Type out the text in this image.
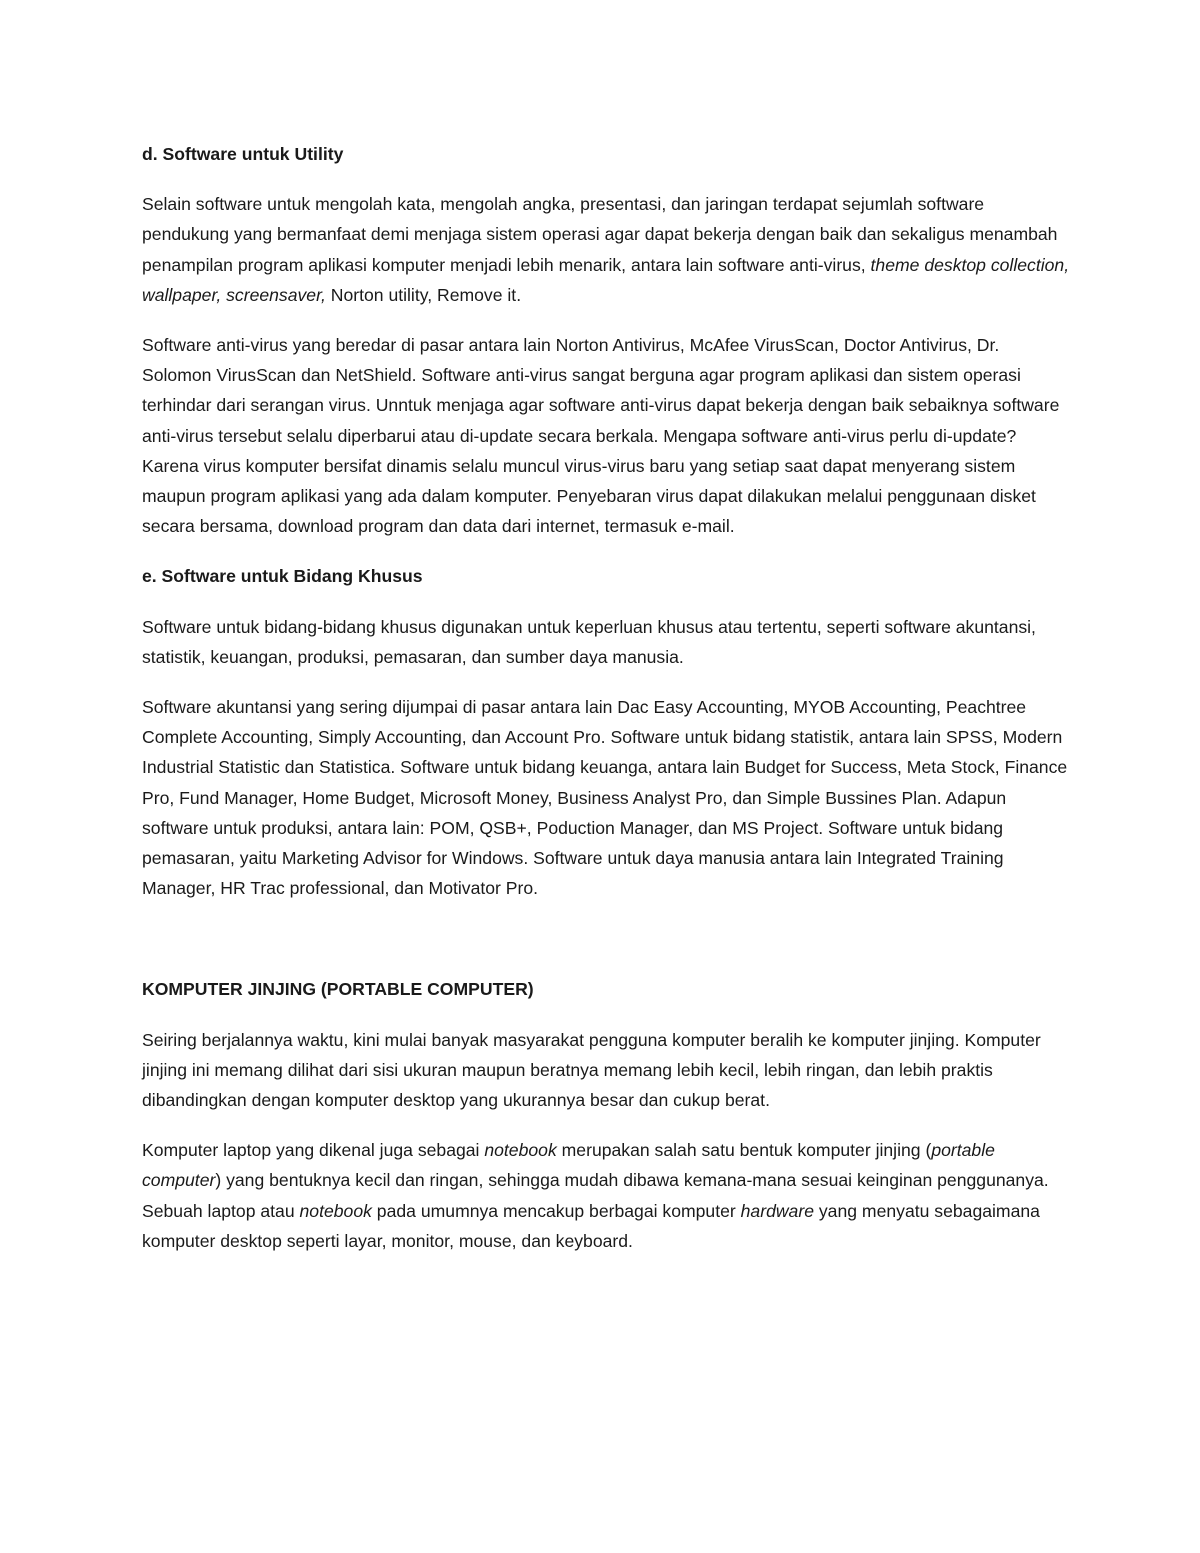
d. Software untuk Utility

Selain software untuk mengolah kata, mengolah angka, presentasi, dan jaringan terdapat sejumlah software pendukung yang bermanfaat demi menjaga sistem operasi agar dapat bekerja dengan baik dan sekaligus menambah penampilan program aplikasi komputer menjadi lebih menarik, antara lain software anti-virus, theme desktop collection, wallpaper, screensaver, Norton utility, Remove it.

Software anti-virus yang beredar di pasar antara lain Norton Antivirus, McAfee VirusScan, Doctor Antivirus, Dr. Solomon VirusScan dan NetShield. Software anti-virus sangat berguna agar program aplikasi dan sistem operasi terhindar dari serangan virus. Unntuk menjaga agar software anti-virus dapat bekerja dengan baik sebaiknya software anti-virus tersebut selalu diperbarui atau di-update secara berkala. Mengapa software anti-virus perlu di-update? Karena virus komputer bersifat dinamis selalu muncul virus-virus baru yang setiap saat dapat menyerang sistem maupun program aplikasi yang ada dalam komputer. Penyebaran virus dapat dilakukan melalui penggunaan disket secara bersama, download program dan data dari internet, termasuk e-mail.

e. Software untuk Bidang Khusus

Software untuk bidang-bidang khusus digunakan untuk keperluan khusus atau tertentu, seperti software akuntansi, statistik, keuangan, produksi, pemasaran, dan sumber daya manusia.

Software akuntansi yang sering dijumpai di pasar antara lain Dac Easy Accounting, MYOB Accounting, Peachtree Complete Accounting, Simply Accounting, dan Account Pro. Software untuk bidang statistik, antara lain SPSS, Modern Industrial Statistic dan Statistica. Software untuk bidang keuanga, antara lain Budget for Success, Meta Stock, Finance Pro, Fund Manager, Home Budget, Microsoft Money, Business Analyst Pro, dan Simple Bussines Plan. Adapun software untuk produksi, antara lain: POM, QSB+, Poduction Manager, dan MS Project. Software untuk bidang pemasaran, yaitu Marketing Advisor for Windows. Software untuk daya manusia antara lain Integrated Training Manager, HR Trac professional, dan Motivator Pro.

KOMPUTER JINJING (PORTABLE COMPUTER)

Seiring berjalannya waktu, kini mulai banyak masyarakat pengguna komputer beralih ke komputer jinjing. Komputer jinjing ini memang dilihat dari sisi ukuran maupun beratnya memang lebih kecil, lebih ringan, dan lebih praktis dibandingkan dengan komputer desktop yang ukurannya besar dan cukup berat.

Komputer laptop yang dikenal juga sebagai notebook merupakan salah satu bentuk komputer jinjing (portable computer) yang bentuknya kecil dan ringan, sehingga mudah dibawa kemana-mana sesuai keinginan penggunanya. Sebuah laptop atau notebook pada umumnya mencakup berbagai komputer hardware yang menyatu sebagaimana komputer desktop seperti layar, monitor, mouse, dan keyboard.
